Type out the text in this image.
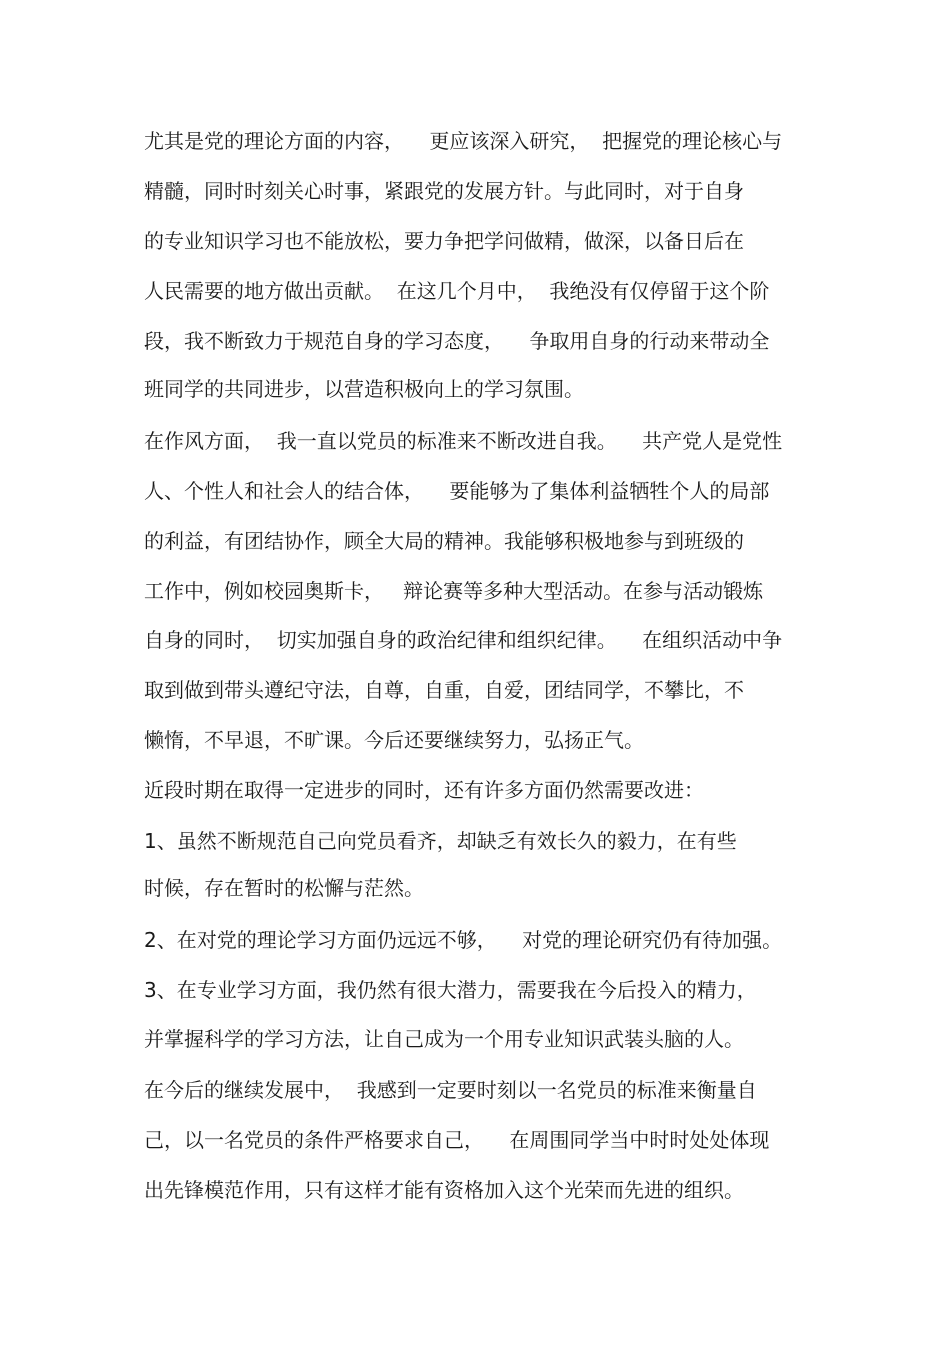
尤其是党的理论方面的内容，    更应该深入研究，  把握党的理论核心与
精髓，同时时刻关心时事，紧跟党的发展方针。与此同时，对于自身
的专业知识学习也不能放松，要力争把学问做精，做深，以备日后在
人民需要的地方做出贡献。  在这几个月中，  我绝没有仅停留于这个阶
段，我不断致力于规范自身的学习态度，    争取用自身的行动来带动全
班同学的共同进步，以营造积极向上的学习氛围。
在作风方面，  我一直以党员的标准来不断改进自我。    共产党人是党性
人、个性人和社会人的结合体，    要能够为了集体利益牺牲个人的局部
的利益，有团结协作，顾全大局的精神。我能够积极地参与到班级的
工作中，例如校园奥斯卡，   辩论赛等多种大型活动。在参与活动锻炼
自身的同时，  切实加强自身的政治纪律和组织纪律。    在组织活动中争
取到做到带头遵纪守法，自尊，自重，自爱，团结同学，不攀比，不
懒惰，不早退，不旷课。今后还要继续努力，弘扬正气。
近段时期在取得一定进步的同时，还有许多方面仍然需要改进：
1、虽然不断规范自己向党员看齐，却缺乏有效长久的毅力，在有些
时候，存在暂时的松懈与茫然。
2、在对党的理论学习方面仍远远不够，    对党的理论研究仍有待加强。
3、在专业学习方面，我仍然有很大潜力，需要我在今后投入的精力，
并掌握科学的学习方法，让自己成为一个用专业知识武装头脑的人。
在今后的继续发展中，  我感到一定要时刻以一名党员的标准来衡量自
己，以一名党员的条件严格要求自己，    在周围同学当中时时处处体现
出先锋模范作用，只有这样才能有资格加入这个光荣而先进的组织。
